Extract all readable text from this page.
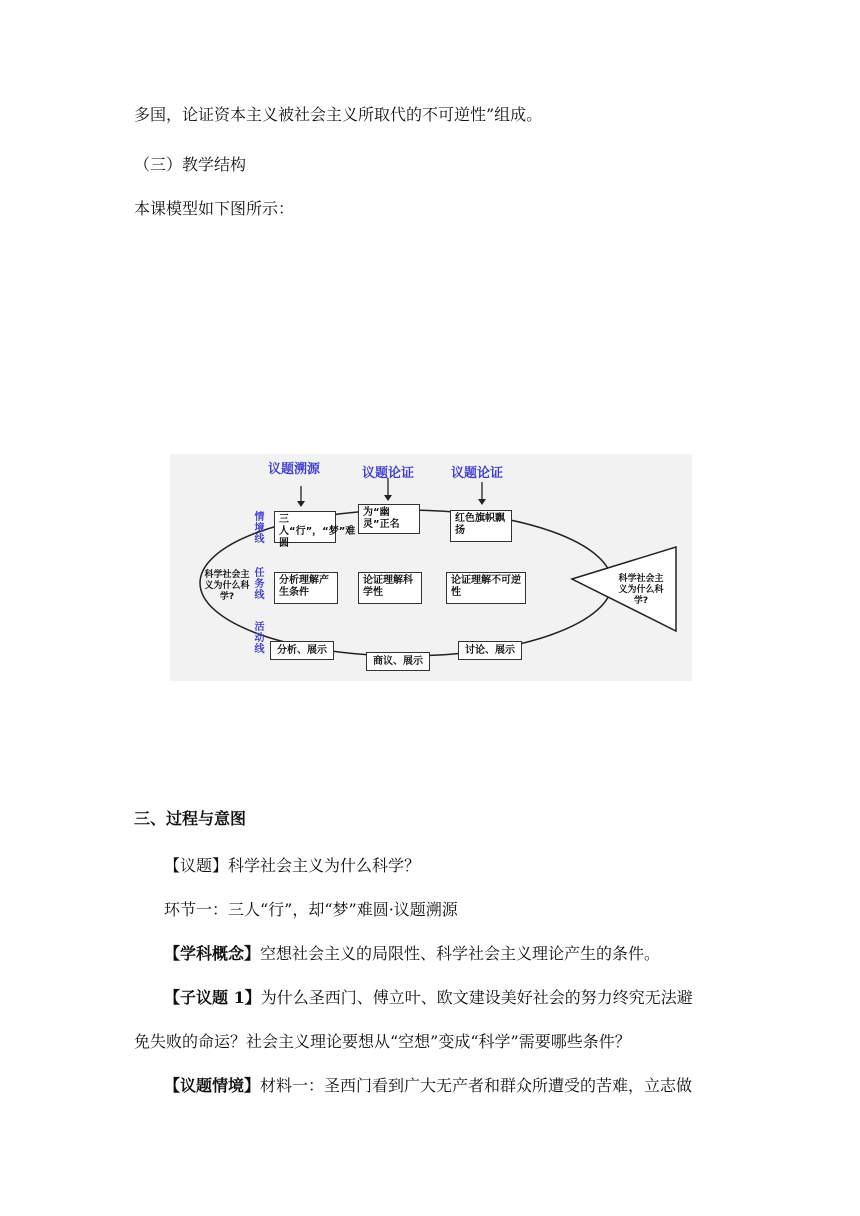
多国，论证资本主义被社会主义所取代的不可逆性”组成。
（三）教学结构
本课模型如下图所示：
议题溯源	议题论证	议题论证
情境线
任务线
活动线
科学社会主义为什么科学?
科学社会主义为什么科学?
三人“行”，“梦”难圆
为“幽灵”正名
红色旗帜飘扬
分析理解产生条件
论证理解科学性
论证理解不可逆性
分析、展示
商议、展示
讨论、展示
三、过程与意图
【议题】科学社会主义为什么科学？
环节一：三人“行”，却“梦”难圆·议题溯源
【学科概念】空想社会主义的局限性、科学社会主义理论产生的条件。
【子议题 1】为什么圣西门、傅立叶、欧文建设美好社会的努力终究无法避
免失败的命运？社会主义理论要想从“空想”变成“科学”需要哪些条件？
【议题情境】材料一：圣西门看到广大无产者和群众所遭受的苦难，立志做
